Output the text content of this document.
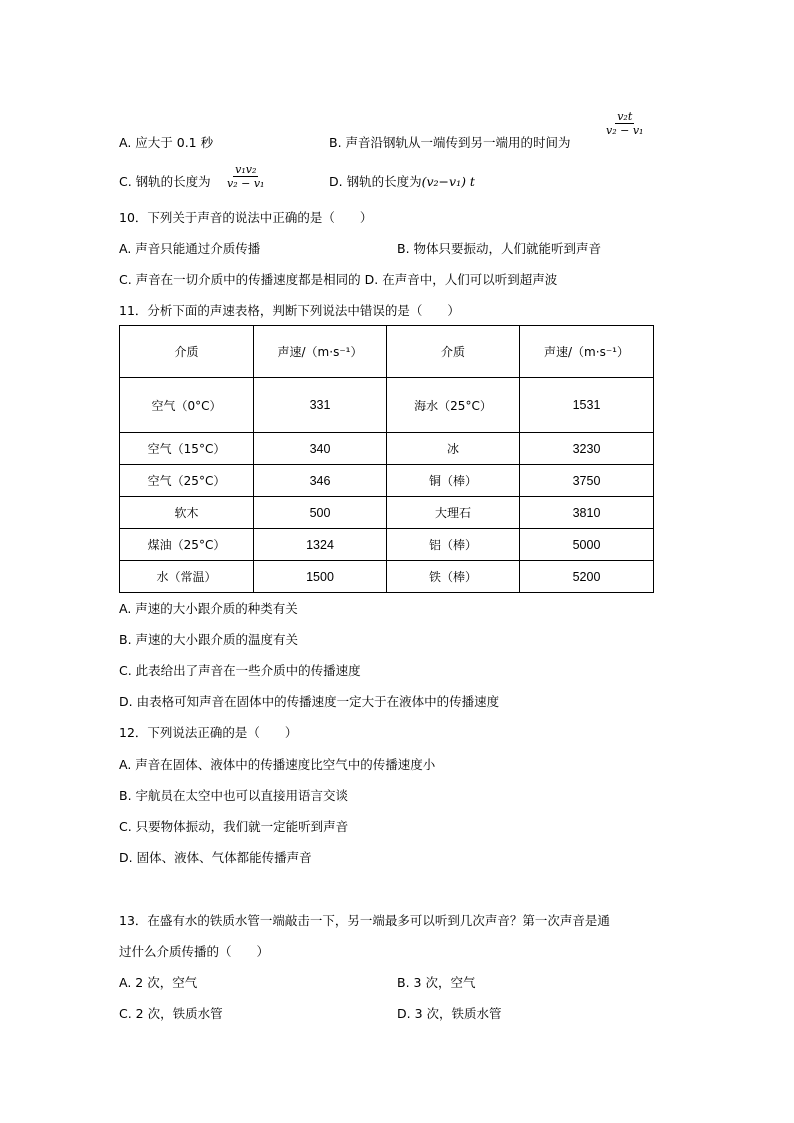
A. 应大于 0.1 秒	B. 声音沿钢轨从一端传到另一端用的时间为
$\frac{\text{v₂t}}{\text{v₂ − v₁}}$
C. 钢轨的长度为 $\frac{\text{v₁v₂}}{\text{v₂ − v₁}}$	D. 钢轨的长度为(v₂−v₁) t
10．下列关于声音的说法中正确的是（　　）
A. 声音只能通过介质传播	B. 物体只要振动，人们就能听到声音
C. 声音在一切介质中的传播速度都是相同的 D. 在声音中，人们可以听到超声波
11．分析下面的声速表格，判断下列说法中错误的是（　　）
介质	声速/（m·s⁻¹）	介质	声速/（m·s⁻¹）
空气（0°C）	331	海水（25°C）	1531
空气（15°C）	340	冰	3230
空气（25°C）	346	铜（棒）	3750
软木	500	大理石	3810
煤油（25°C）	1324	铝（棒）	5000
水（常温）	1500	铁（棒）	5200
A. 声速的大小跟介质的种类有关
B. 声速的大小跟介质的温度有关
C. 此表给出了声音在一些介质中的传播速度
D. 由表格可知声音在固体中的传播速度一定大于在液体中的传播速度
12．下列说法正确的是（　　）
A. 声音在固体、液体中的传播速度比空气中的传播速度小
B. 宇航员在太空中也可以直接用语言交谈
C. 只要物体振动，我们就一定能听到声音
D. 固体、液体、气体都能传播声音
13．在盛有水的铁质水管一端敲击一下，另一端最多可以听到几次声音？第一次声音是通
过什么介质传播的（　　）
A. 2 次，空气	B. 3 次，空气
C. 2 次，铁质水管	D. 3 次，铁质水管
